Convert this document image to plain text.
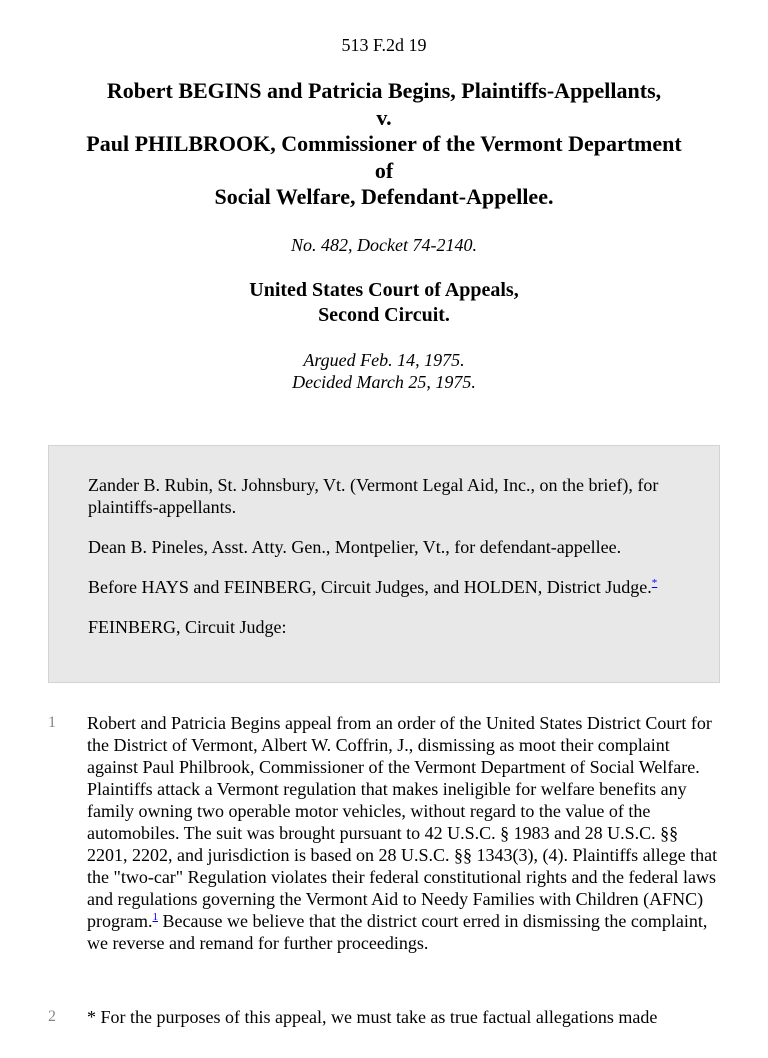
513 F.2d 19
Robert BEGINS and Patricia Begins, Plaintiffs-Appellants,
v.
Paul PHILBROOK, Commissioner of the Vermont Department
of
Social Welfare, Defendant-Appellee.
No. 482, Docket 74-2140.
United States Court of Appeals,
Second Circuit.
Argued Feb. 14, 1975.
Decided March 25, 1975.

Zander B. Rubin, St. Johnsbury, Vt. (Vermont Legal Aid, Inc., on the brief), for plaintiffs-appellants.

Dean B. Pineles, Asst. Atty. Gen., Montpelier, Vt., for defendant-appellee.

Before HAYS and FEINBERG, Circuit Judges, and HOLDEN, District Judge.*

FEINBERG, Circuit Judge:

1 Robert and Patricia Begins appeal from an order of the United States District Court for the District of Vermont, Albert W. Coffrin, J., dismissing as moot their complaint against Paul Philbrook, Commissioner of the Vermont Department of Social Welfare. Plaintiffs attack a Vermont regulation that makes ineligible for welfare benefits any family owning two operable motor vehicles, without regard to the value of the automobiles. The suit was brought pursuant to 42 U.S.C. § 1983 and 28 U.S.C. §§ 2201, 2202, and jurisdiction is based on 28 U.S.C. §§ 1343(3), (4). Plaintiffs allege that the "two-car" Regulation violates their federal constitutional rights and the federal laws and regulations governing the Vermont Aid to Needy Families with Children (AFNC) program.$^1$ Because we believe that the district court erred in dismissing the complaint, we reverse and remand for further proceedings.

2 * For the purposes of this appeal, we must take as true factual allegations made
